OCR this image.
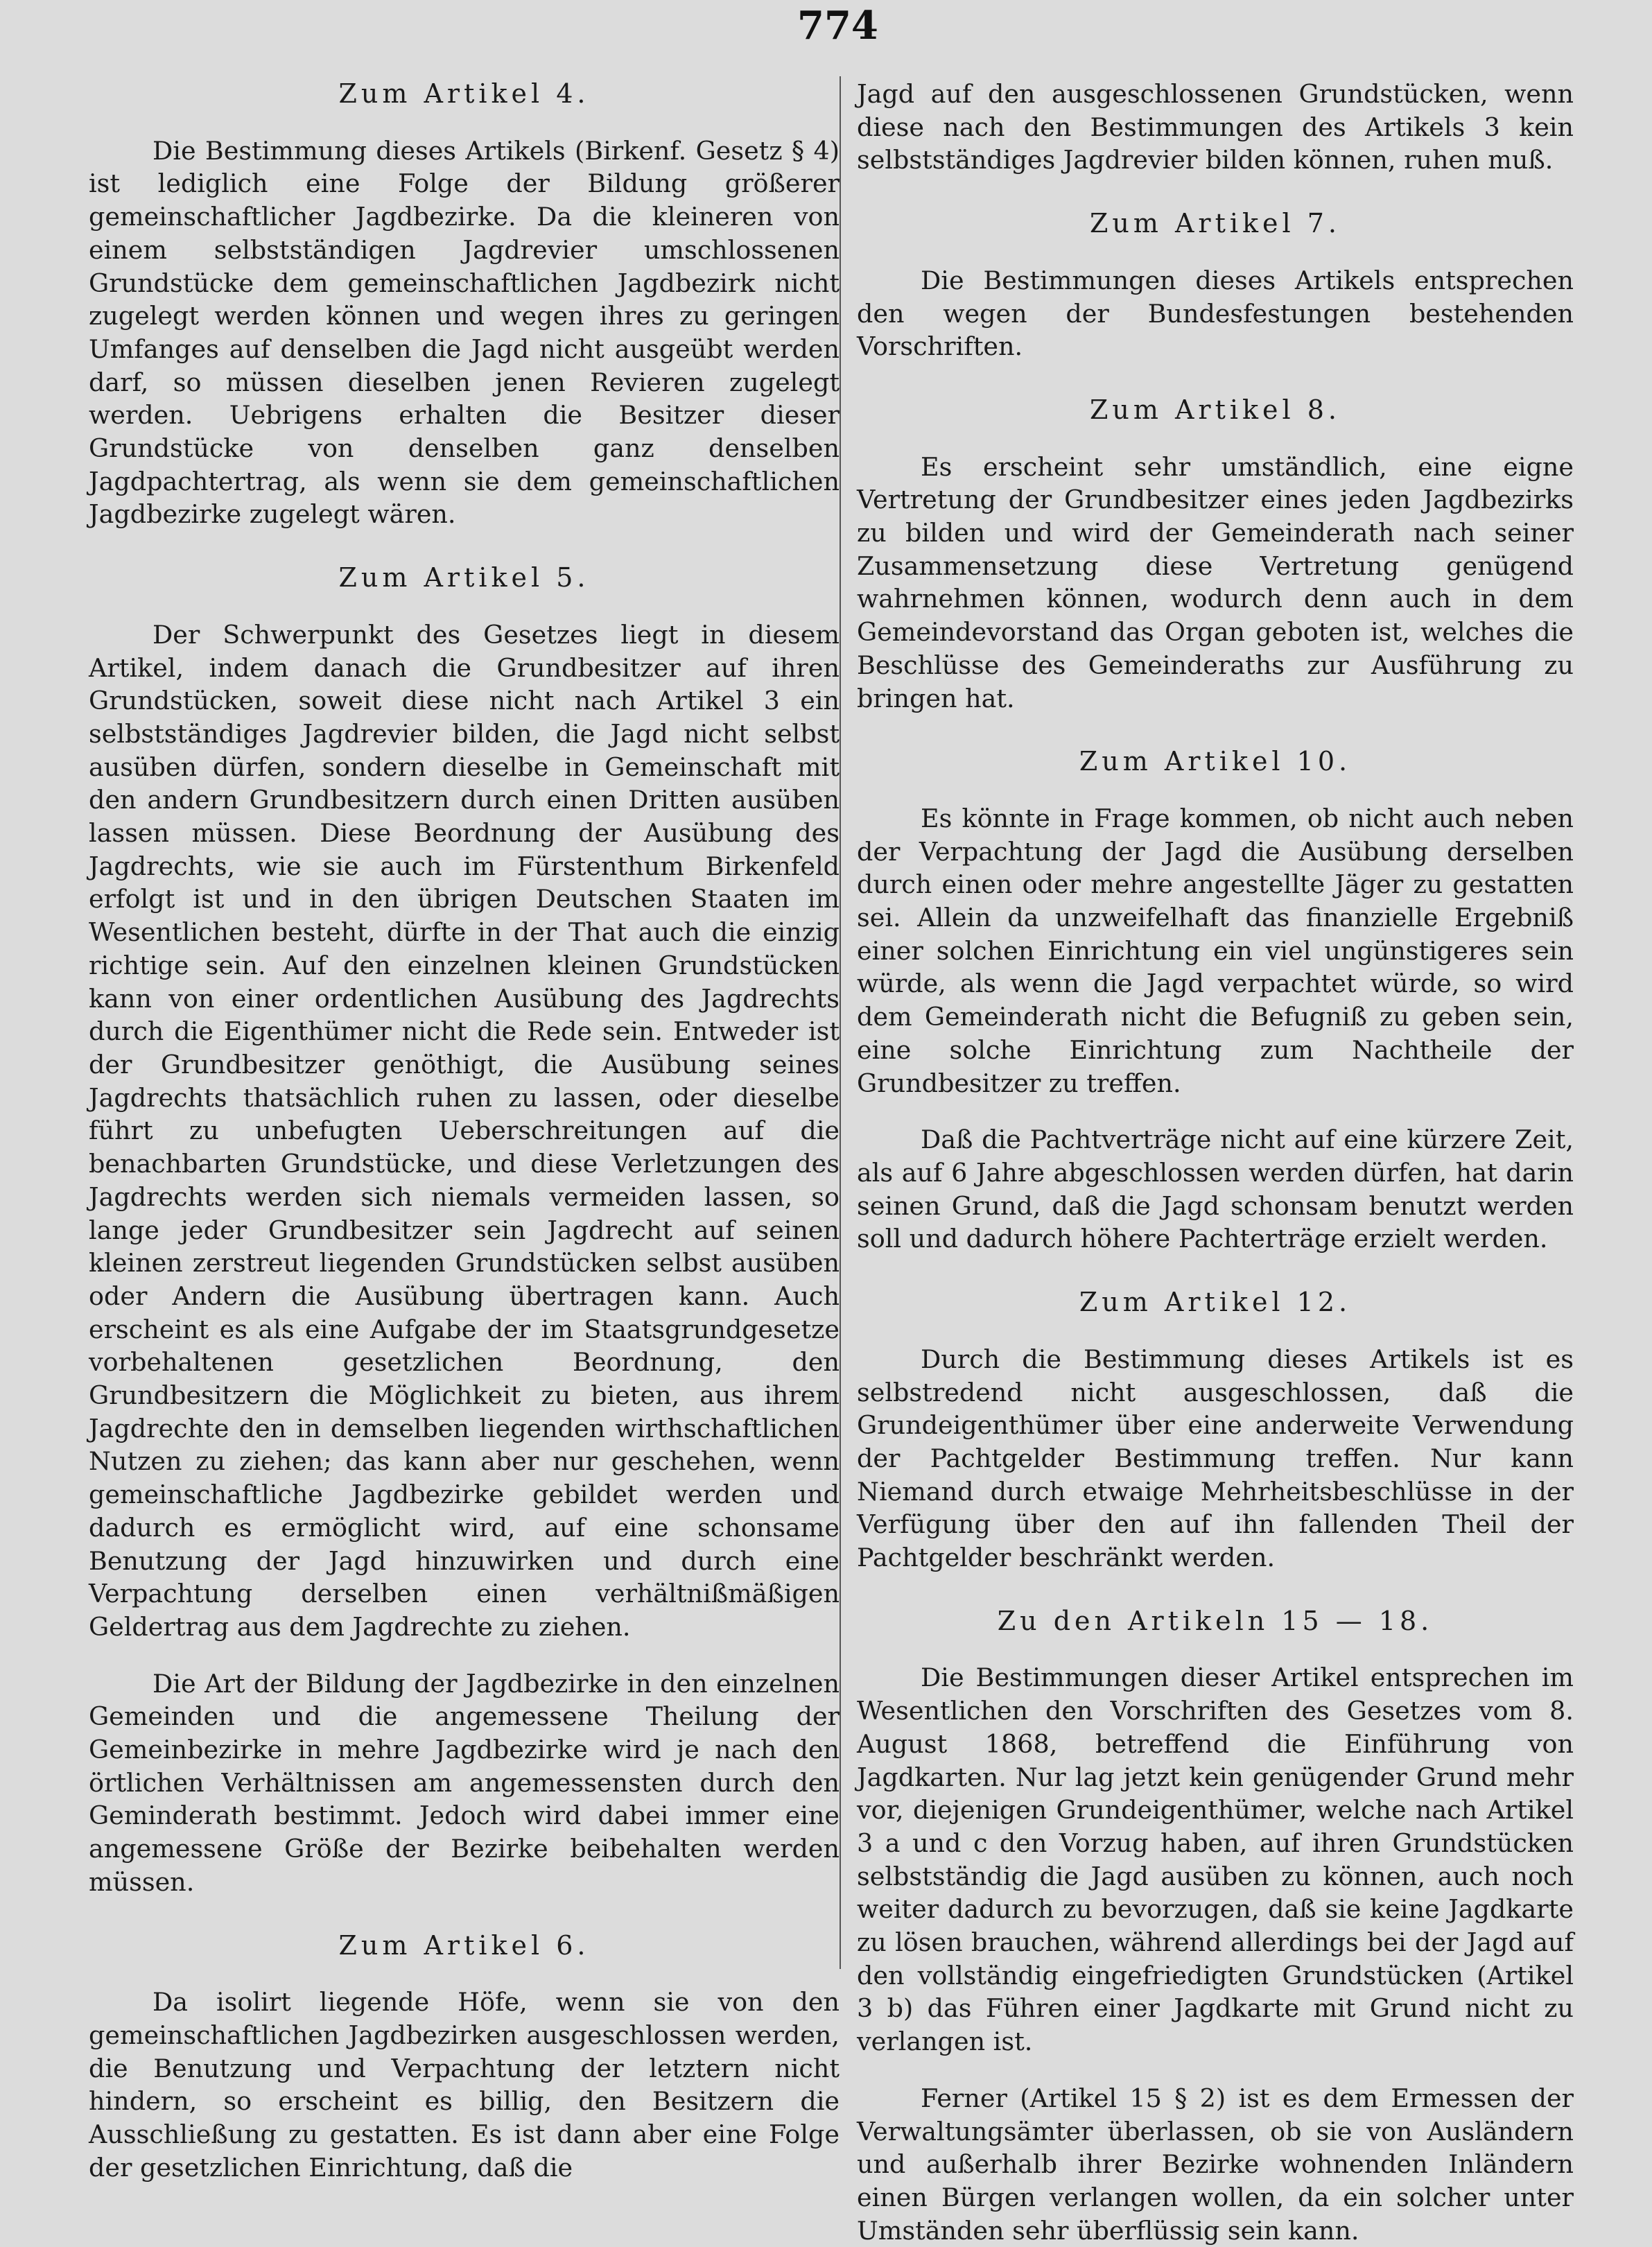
774
Zum Artikel 4.

Die Bestimmung dieses Artikels (Birkenf. Gesetz § 4) ist lediglich eine Folge der Bildung größerer gemeinschaftlicher Jagdbezirke. Da die kleineren von einem selbstständigen Jagdrevier umschlossenen Grundstücke dem gemeinschaftlichen Jagdbezirk nicht zugelegt werden können und wegen ihres zu geringen Umfanges auf denselben die Jagd nicht ausgeübt werden darf, so müssen dieselben jenen Revieren zugelegt werden. Uebrigens erhalten die Besitzer dieser Grundstücke von denselben ganz denselben Jagdpachtertrag, als wenn sie dem gemeinschaftlichen Jagdbezirke zugelegt wären.

Zum Artikel 5.

Der Schwerpunkt des Gesetzes liegt in diesem Artikel, indem danach die Grundbesitzer auf ihren Grundstücken, soweit diese nicht nach Artikel 3 ein selbstständiges Jagdrevier bilden, die Jagd nicht selbst ausüben dürfen, sondern dieselbe in Gemeinschaft mit den andern Grundbesitzern durch einen Dritten ausüben lassen müssen. Diese Beordnung der Ausübung des Jagdrechts, wie sie auch im Fürstenthum Birkenfeld erfolgt ist und in den übrigen Deutschen Staaten im Wesentlichen besteht, dürfte in der That auch die einzig richtige sein. Auf den einzelnen kleinen Grundstücken kann von einer ordentlichen Ausübung des Jagdrechts durch die Eigenthümer nicht die Rede sein. Entweder ist der Grundbesitzer genöthigt, die Ausübung seines Jagdrechts thatsächlich ruhen zu lassen, oder dieselbe führt zu unbefugten Ueberschreitungen auf die benachbarten Grundstücke, und diese Verletzungen des Jagdrechts werden sich niemals vermeiden lassen, so lange jeder Grundbesitzer sein Jagdrecht auf seinen kleinen zerstreut liegenden Grundstücken selbst ausüben oder Andern die Ausübung übertragen kann. Auch erscheint es als eine Aufgabe der im Staatsgrundgesetze vorbehaltenen gesetzlichen Beordnung, den Grundbesitzern die Möglichkeit zu bieten, aus ihrem Jagdrechte den in demselben liegenden wirthschaftlichen Nutzen zu ziehen; das kann aber nur geschehen, wenn gemeinschaftliche Jagdbezirke gebildet werden und dadurch es ermöglicht wird, auf eine schonsame Benutzung der Jagd hinzuwirken und durch eine Verpachtung derselben einen verhältnißmäßigen Geldertrag aus dem Jagdrechte zu ziehen.

Die Art der Bildung der Jagdbezirke in den einzelnen Gemeinden und die angemessene Theilung der Gemeinbezirke in mehre Jagdbezirke wird je nach den örtlichen Verhältnissen am angemessensten durch den Geminderath bestimmt. Jedoch wird dabei immer eine angemessene Größe der Bezirke beibehalten werden müssen.

Zum Artikel 6.

Da isolirt liegende Höfe, wenn sie von den gemeinschaftlichen Jagdbezirken ausgeschlossen werden, die Benutzung und Verpachtung der letztern nicht hindern, so erscheint es billig, den Besitzern die Ausschließung zu gestatten. Es ist dann aber eine Folge der gesetzlichen Einrichtung, daß die

Jagd auf den ausgeschlossenen Grundstücken, wenn diese nach den Bestimmungen des Artikels 3 kein selbstständiges Jagdrevier bilden können, ruhen muß.

Zum Artikel 7.

Die Bestimmungen dieses Artikels entsprechen den wegen der Bundesfestungen bestehenden Vorschriften.

Zum Artikel 8.

Es erscheint sehr umständlich, eine eigne Vertretung der Grundbesitzer eines jeden Jagdbezirks zu bilden und wird der Gemeinderath nach seiner Zusammensetzung diese Vertretung genügend wahrnehmen können, wodurch denn auch in dem Gemeindevorstand das Organ geboten ist, welches die Beschlüsse des Gemeinderaths zur Ausführung zu bringen hat.

Zum Artikel 10.

Es könnte in Frage kommen, ob nicht auch neben der Verpachtung der Jagd die Ausübung derselben durch einen oder mehre angestellte Jäger zu gestatten sei. Allein da unzweifelhaft das finanzielle Ergebniß einer solchen Einrichtung ein viel ungünstigeres sein würde, als wenn die Jagd verpachtet würde, so wird dem Gemeinderath nicht die Befugniß zu geben sein, eine solche Einrichtung zum Nachtheile der Grundbesitzer zu treffen.

Daß die Pachtverträge nicht auf eine kürzere Zeit, als auf 6 Jahre abgeschlossen werden dürfen, hat darin seinen Grund, daß die Jagd schonsam benutzt werden soll und dadurch höhere Pachterträge erzielt werden.

Zum Artikel 12.

Durch die Bestimmung dieses Artikels ist es selbstredend nicht ausgeschlossen, daß die Grundeigenthümer über eine anderweite Verwendung der Pachtgelder Bestimmung treffen. Nur kann Niemand durch etwaige Mehrheitsbeschlüsse in der Verfügung über den auf ihn fallenden Theil der Pachtgelder beschränkt werden.

Zu den Artikeln 15 — 18.

Die Bestimmungen dieser Artikel entsprechen im Wesentlichen den Vorschriften des Gesetzes vom 8. August 1868, betreffend die Einführung von Jagdkarten. Nur lag jetzt kein genügender Grund mehr vor, diejenigen Grundeigenthümer, welche nach Artikel 3 a und c den Vorzug haben, auf ihren Grundstücken selbstständig die Jagd ausüben zu können, auch noch weiter dadurch zu bevorzugen, daß sie keine Jagdkarte zu lösen brauchen, während allerdings bei der Jagd auf den vollständig eingefriedigten Grundstücken (Artikel 3 b) das Führen einer Jagdkarte mit Grund nicht zu verlangen ist.

Ferner (Artikel 15 § 2) ist es dem Ermessen der Verwaltungsämter überlassen, ob sie von Ausländern und außerhalb ihrer Bezirke wohnenden Inländern einen Bürgen verlangen wollen, da ein solcher unter Umständen sehr überflüssig sein kann.
